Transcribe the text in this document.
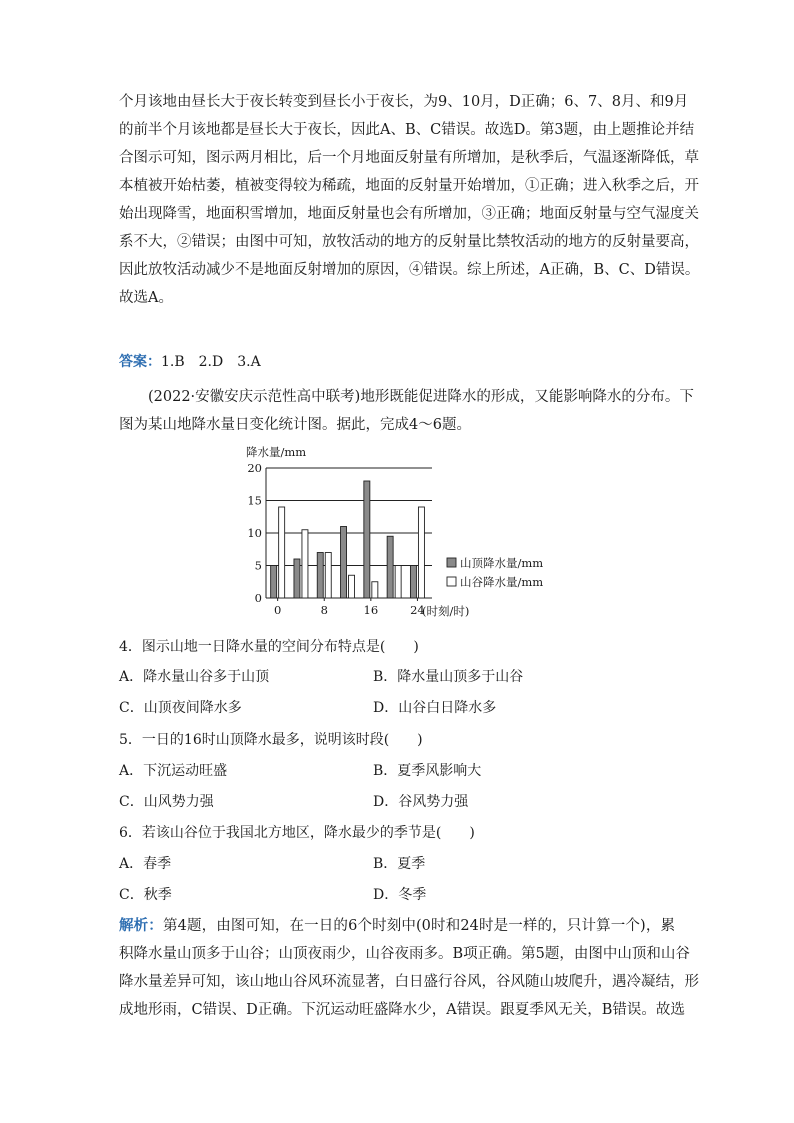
个月该地由昼长大于夜长转变到昼长小于夜长，为9、10月，D正确；6、7、8月、和9月
的前半个月该地都是昼长大于夜长，因此A、B、C错误。故选D。第3题，由上题推论并结
合图示可知，图示两月相比，后一个月地面反射量有所增加，是秋季后，气温逐渐降低，草
本植被开始枯萎，植被变得较为稀疏，地面的反射量开始增加，①正确；进入秋季之后，开
始出现降雪，地面积雪增加，地面反射量也会有所增加，③正确；地面反射量与空气湿度关
系不大，②错误；由图中可知，放牧活动的地方的反射量比禁牧活动的地方的反射量要高，
因此放牧活动减少不是地面反射增加的原因，④错误。综上所述，A正确，B、C、D错误。
故选A。

答案：1.B　2.D　3.A

(2022·安徽安庆示范性高中联考)地形既能促进降水的形成，又能影响降水的分布。下
图为某山地降水量日变化统计图。据此，完成4～6题。
降水量/mm
0
5
10
15
20
0	8	16	24
山顶降水量/mm
山谷降水量/mm
(时刻/时)

4．图示山地一日降水量的空间分布特点是(　　)

A．降水量山谷多于山顶	B．降水量山顶多于山谷

C．山顶夜间降水多	D．山谷白日降水多

5．一日的16时山顶降水最多，说明该时段(　　)

A．下沉运动旺盛	B．夏季风影响大

C．山风势力强	D．谷风势力强

6．若该山谷位于我国北方地区，降水最少的季节是(　　)

A．春季	B．夏季

C．秋季	D．冬季

解析：第4题，由图可知，在一日的6个时刻中(0时和24时是一样的，只计算一个)，累
积降水量山顶多于山谷；山顶夜雨少，山谷夜雨多。B项正确。第5题，由图中山顶和山谷
降水量差异可知，该山地山谷风环流显著，白日盛行谷风，谷风随山坡爬升，遇冷凝结，形
成地形雨，C错误、D正确。下沉运动旺盛降水少，A错误。跟夏季风无关，B错误。故选
